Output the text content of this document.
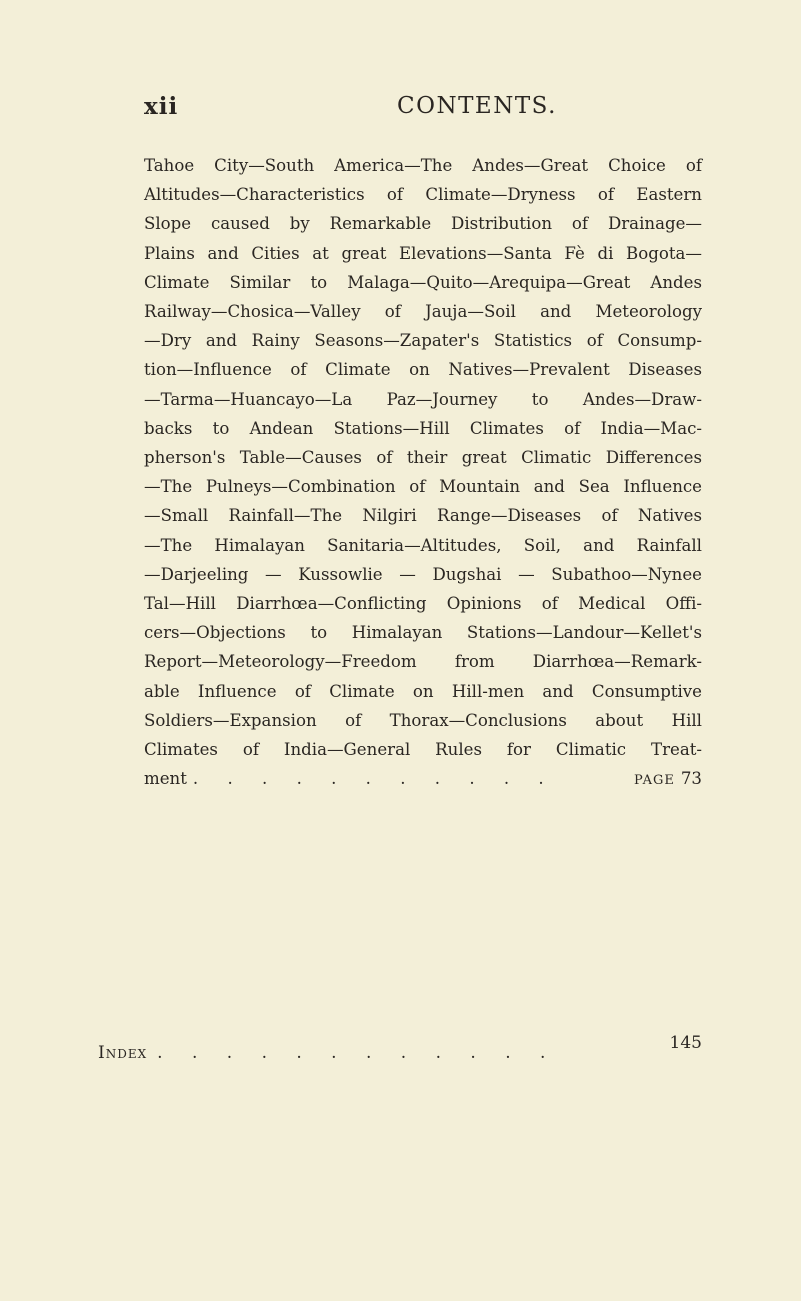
xii	CONTENTS.
Tahoe City—South America—The Andes—Great Choice of
Altitudes—Characteristics of Climate—Dryness of Eastern
Slope caused by Remarkable Distribution of Drainage—
Plains and Cities at great Elevations—Santa Fè di Bogota—
Climate Similar to Malaga—Quito—Arequipa—Great Andes
Railway—Chosica—Valley of Jauja—Soil and Meteorology
—Dry and Rainy Seasons—Zapater's Statistics of Consump-
tion—Influence of Climate on Natives—Prevalent Diseases
—Tarma—Huancayo—La Paz—Journey to Andes—Draw-
backs to Andean Stations—Hill Climates of India—Mac-
pherson's Table—Causes of their great Climatic Differences
—The Pulneys—Combination of Mountain and Sea Influence
—Small Rainfall—The Nilgiri Range—Diseases of Natives
—The Himalayan Sanitaria—Altitudes, Soil, and Rainfall
—Darjeeling — Kussowlie — Dugshai — Subathoo—Nynee
Tal—Hill Diarrhœa—Conflicting Opinions of Medical Offi-
cers—Objections to Himalayan Stations—Landour—Kellet's
Report—Meteorology—Freedom from Diarrhœa—Remark-
able Influence of Climate on Hill-men and Consumptive
Soldiers—Expansion of Thorax—Conclusions about Hill
Climates of India—General Rules for Climatic Treat-
ment . . . . . . . . . . .	PAGE 73
Index . . . . . . . . . . . .	145
